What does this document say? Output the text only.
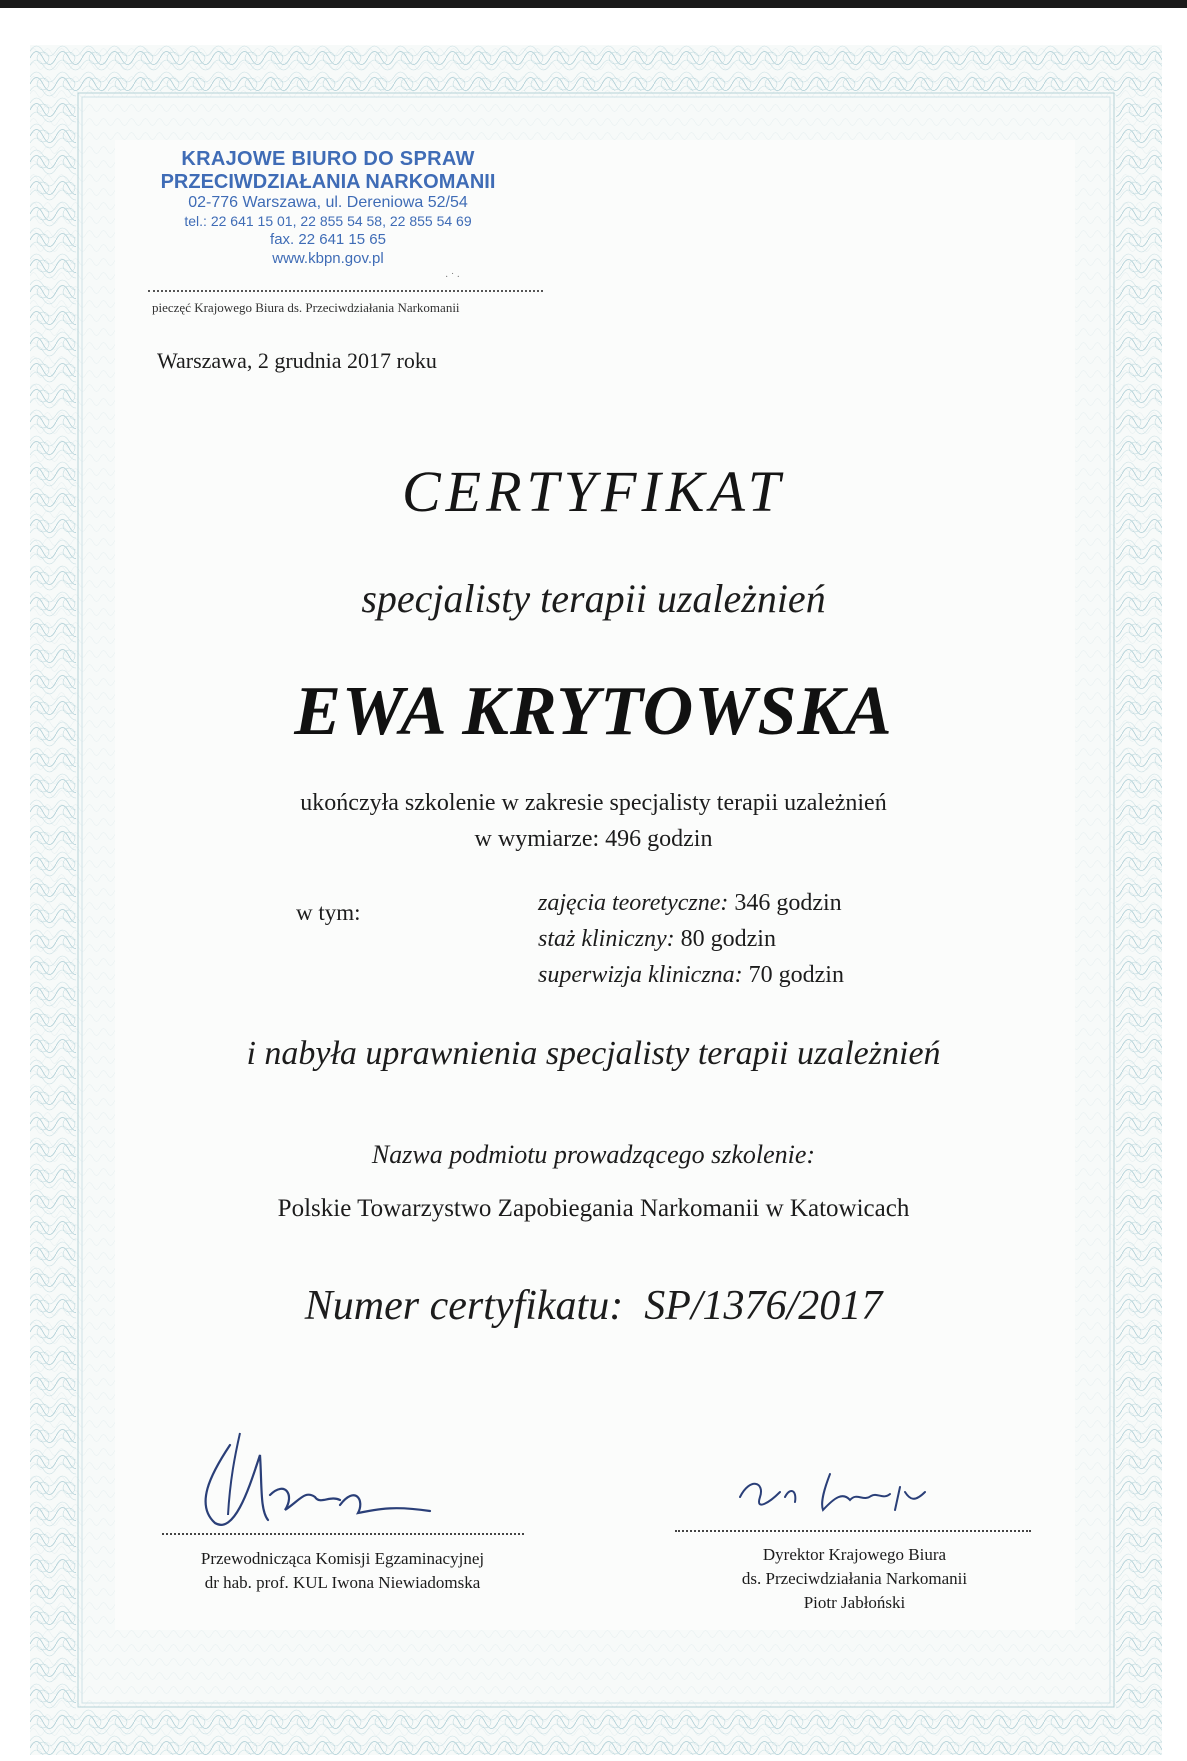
KRAJOWE BIURO DO SPRAW
PRZECIWDZIAŁANIA NARKOMANII
02-776 Warszawa, ul. Dereniowa 52/54
tel.: 22 641 15 01, 22 855 54 58, 22 855 54 69
fax. 22 641 15 65
www.kbpn.gov.pl
· ˙ ·
pieczęć Krajowego Biura ds. Przeciwdziałania Narkomanii
Warszawa, 2 grudnia 2017 roku
CERTYFIKAT
specjalisty terapii uzależnień
EWA KRYTOWSKA
ukończyła szkolenie w zakresie specjalisty terapii uzależnień
w wymiarze: 496 godzin
w tym:	zajęcia teoretyczne: 346 godzin
staż kliniczny: 80 godzin
superwizja kliniczna: 70 godzin
i nabyła uprawnienia specjalisty terapii uzależnień
Nazwa podmiotu prowadzącego szkolenie:
Polskie Towarzystwo Zapobiegania Narkomanii w Katowicach
Numer certyfikatu: SP/1376/2017
Przewodnicząca Komisji Egzaminacyjnej
dr hab. prof. KUL Iwona Niewiadomska
Dyrektor Krajowego Biura
ds. Przeciwdziałania Narkomanii
Piotr Jabłoński
